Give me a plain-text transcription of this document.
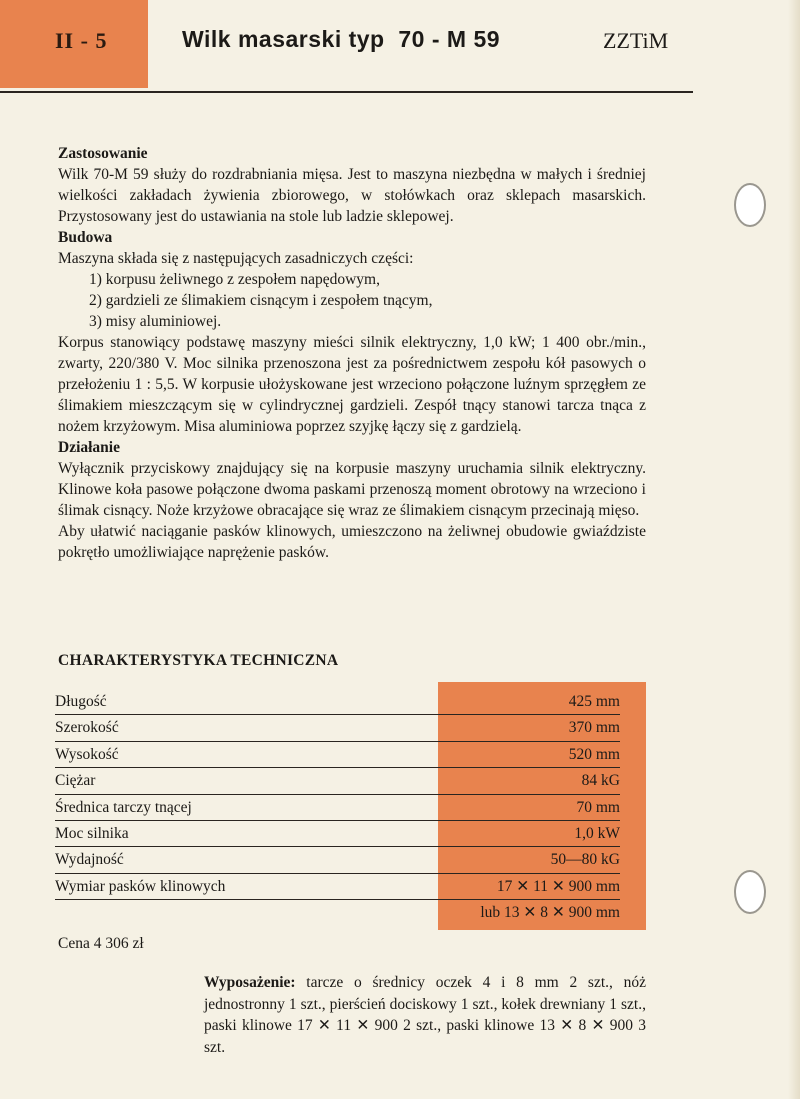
II - 5	Wilk masarski typ  70 - M 59	ZZTiM

Zastosowanie

Wilk 70-M 59 służy do rozdrabniania mięsa. Jest to maszyna niezbędna w małych i średniej wielkości zakładach żywienia zbiorowego, w stołówkach oraz sklepach masarskich. Przystosowany jest do ustawiania na stole lub ladzie sklepowej.

Budowa

Maszyna składa się z następujących zasadniczych części:

1) korpusu żeliwnego z zespołem napędowym,
2) gardzieli ze ślimakiem cisnącym i zespołem tnącym,
3) misy aluminiowej.

Korpus stanowiący podstawę maszyny mieści silnik elektryczny, 1,0 kW; 1 400 obr./min., zwarty, 220/380 V. Moc silnika przenoszona jest za pośrednictwem zespołu kół pasowych o przełożeniu 1 : 5,5. W korpusie ułożyskowane jest wrzeciono połączone luźnym sprzęgłem ze ślimakiem mieszczącym się w cylindrycznej gardzieli. Zespół tnący stanowi tarcza tnąca z nożem krzyżowym. Misa aluminiowa poprzez szyjkę łączy się z gardzielą.

Działanie

Wyłącznik przyciskowy znajdujący się na korpusie maszyny uruchamia silnik elektryczny. Klinowe koła pasowe połączone dwoma paskami przenoszą moment obrotowy na wrzeciono i ślimak cisnący. Noże krzyżowe obracające się wraz ze ślimakiem cisnącym przecinają mięso.

Aby ułatwić naciąganie pasków klinowych, umieszczono na żeliwnej obudowie gwiaździste pokrętło umożliwiające naprężenie pasków.

CHARAKTERYSTYKA TECHNICZNA
Długość	425 mm
Szerokość	370 mm
Wysokość	520 mm
Ciężar	84 kG
Średnica tarczy tnącej	70 mm
Moc silnika	1,0 kW
Wydajność	50—80 kG
Wymiar pasków klinowych	17 ✕ 11 ✕ 900 mm
lub 13 ✕ 8 ✕ 900 mm
Cena 4 306 zł
Wyposażenie: tarcze o średnicy oczek 4 i 8 mm 2 szt., nóż jednostronny 1 szt., pierścień dociskowy 1 szt., kołek drewniany 1 szt., paski klinowe 17 ✕ 11 ✕ 900 2 szt., paski klinowe 13 ✕ 8 ✕ 900 3 szt.
